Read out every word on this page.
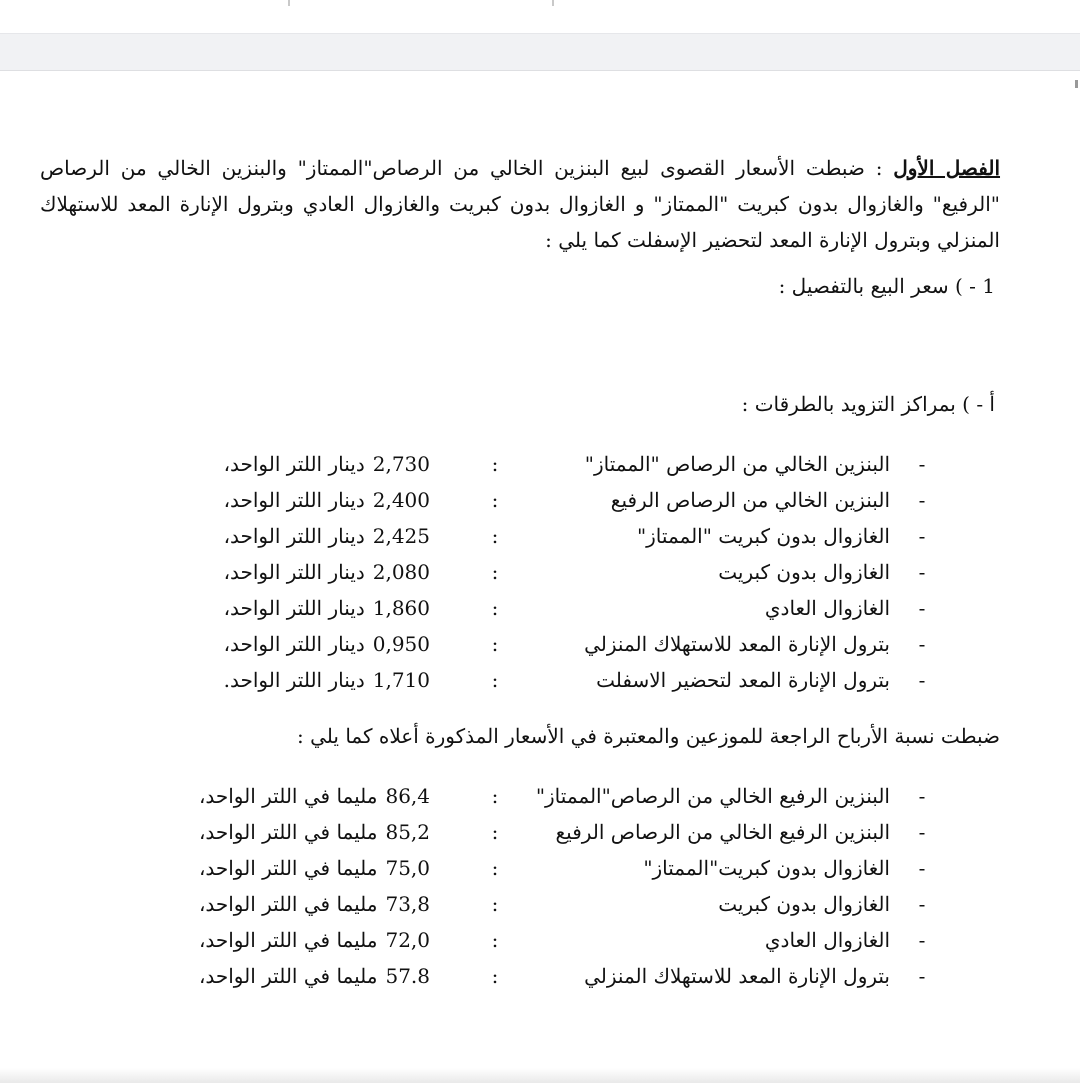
الفصل الأول : ضبطت الأسعار القصوى لبيع البنزين الخالي من الرصاص"الممتاز" والبنزين الخالي من الرصاص "الرفيع" والغازوال بدون كبريت "الممتاز" و الغازوال بدون كبريت والغازوال العادي وبترول الإنارة المعد للاستهلاك المنزلي وبترول الإنارة المعد لتحضير الإسفلت كما يلي :
1 - ) سعر البيع بالتفصيل :
أ - ) بمراكز التزويد بالطرقات :
-
البنزين الخالي من الرصاص "الممتاز"
:
2,730دينار اللتر الواحد،
-
البنزين الخالي من الرصاص الرفيع
:
2,400دينار اللتر الواحد،
-
الغازوال بدون كبريت "الممتاز"
:
2,425دينار اللتر الواحد،
-
الغازوال بدون كبريت
:
2,080دينار اللتر الواحد،
-
الغازوال العادي
:
1,860دينار اللتر الواحد،
-
بترول الإنارة المعد للاستهلاك المنزلي
:
0,950دينار اللتر الواحد،
-
بترول الإنارة المعد لتحضير الاسفلت
:
1,710دينار اللتر الواحد.
ضبطت نسبة الأرباح الراجعة للموزعين والمعتبرة في الأسعار المذكورة أعلاه كما يلي :
-
البنزين الرفيع الخالي من الرصاص"الممتاز"
:
86,4مليما في اللتر الواحد،
-
البنزين الرفيع الخالي من الرصاص الرفيع
:
85,2مليما في اللتر الواحد،
-
الغازوال بدون كبريت"الممتاز"
:
75,0مليما في اللتر الواحد،
-
الغازوال بدون كبريت
:
73,8مليما في اللتر الواحد،
-
الغازوال العادي
:
72,0مليما في اللتر الواحد،
-
بترول الإنارة المعد للاستهلاك المنزلي
:
57.8مليما في اللتر الواحد،
